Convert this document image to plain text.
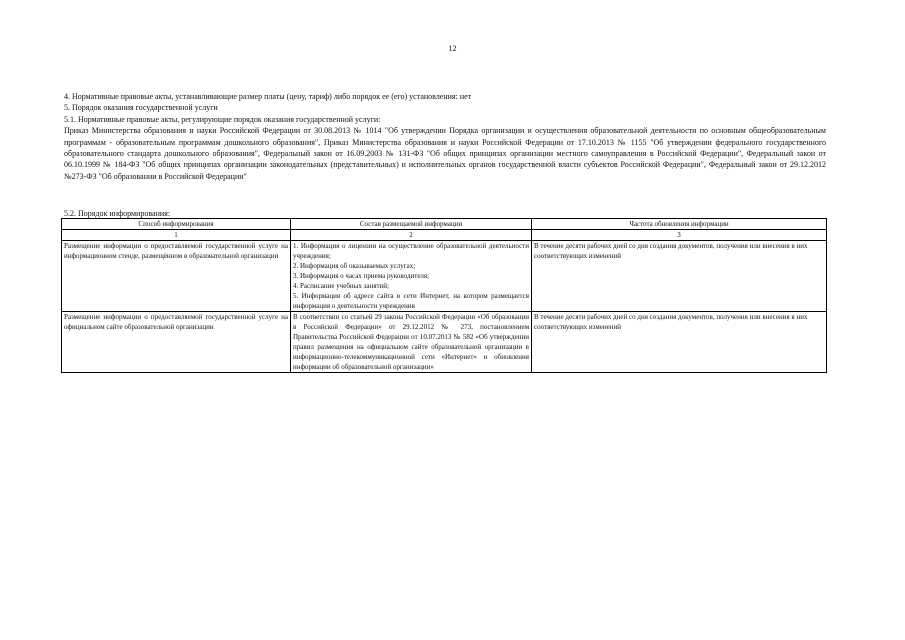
12

4. Нормативные правовые акты, устанавливающие размер платы (цену, тариф) либо порядок ее (его) установления: нет

5. Порядок оказания государственной услуги

5.1. Нормативные правовые акты, регулирующие порядок оказания государственной услуги:

Приказ Министерства образования и науки Российской Федерации от 30.08.2013 № 1014 "Об утверждении Порядка организации и осуществления образовательной деятельности по основным общеобразовательным программам - образовательным программам дошкольного образования", Приказ Министерства образования и науки Российской Федерации от 17.10.2013 № 1155 "Об утверждении федерального государственного образовательного стандарта дошкольного образования", Федеральный закон от 16.09.2003 № 131-ФЗ "Об общих принципах организации местного самоуправления в Российской Федерации", Федеральный закон от 06.10.1999 № 184-ФЗ "Об общих принципах организации законодательных (представительных) и исполнительных органов государственной власти субъектов Российской Федерации", Федеральный закон от 29.12.2012 №273-ФЗ "Об образовании в Российской Федерации"

5.2. Порядок информирования:
Способ информирования	Состав размещаемой информации	Частота обновления информации
1	2	3
Размещение информации о предоставляемой государственной услуге на информационном стенде, размещённом в образовательной организации	1. Информация о лицензии на осуществление образовательной деятельности учреждения;
2. Информация об оказываемых услугах;
3. Информация о часах приема руководителя;
4. Расписание учебных занятий;
5. Информация об адресе сайта в сети Интернет, на котором размещается информация о деятельности учреждения	В течение десяти рабочих дней со дня создания документов, получения или внесения в них соответствующих изменений
Размещение информации о предоставляемой государственной услуге на официальном сайте образовательной организации	В соответствии со статьей 29 закона Российской Федерации «Об образовании в Российской Федерации» от 29.12.2012 № 273, постановлением Правительства Российской Федерации от 10.07.2013 № 582 «Об утверждении правил размещения на официальном сайте образовательной организации в информационно-телекоммуникационной сети «Интернет» и обновления информации об образовательной организации»	В течение десяти рабочих дней со дня создания документов, получения или внесения в них соответствующих изменений
